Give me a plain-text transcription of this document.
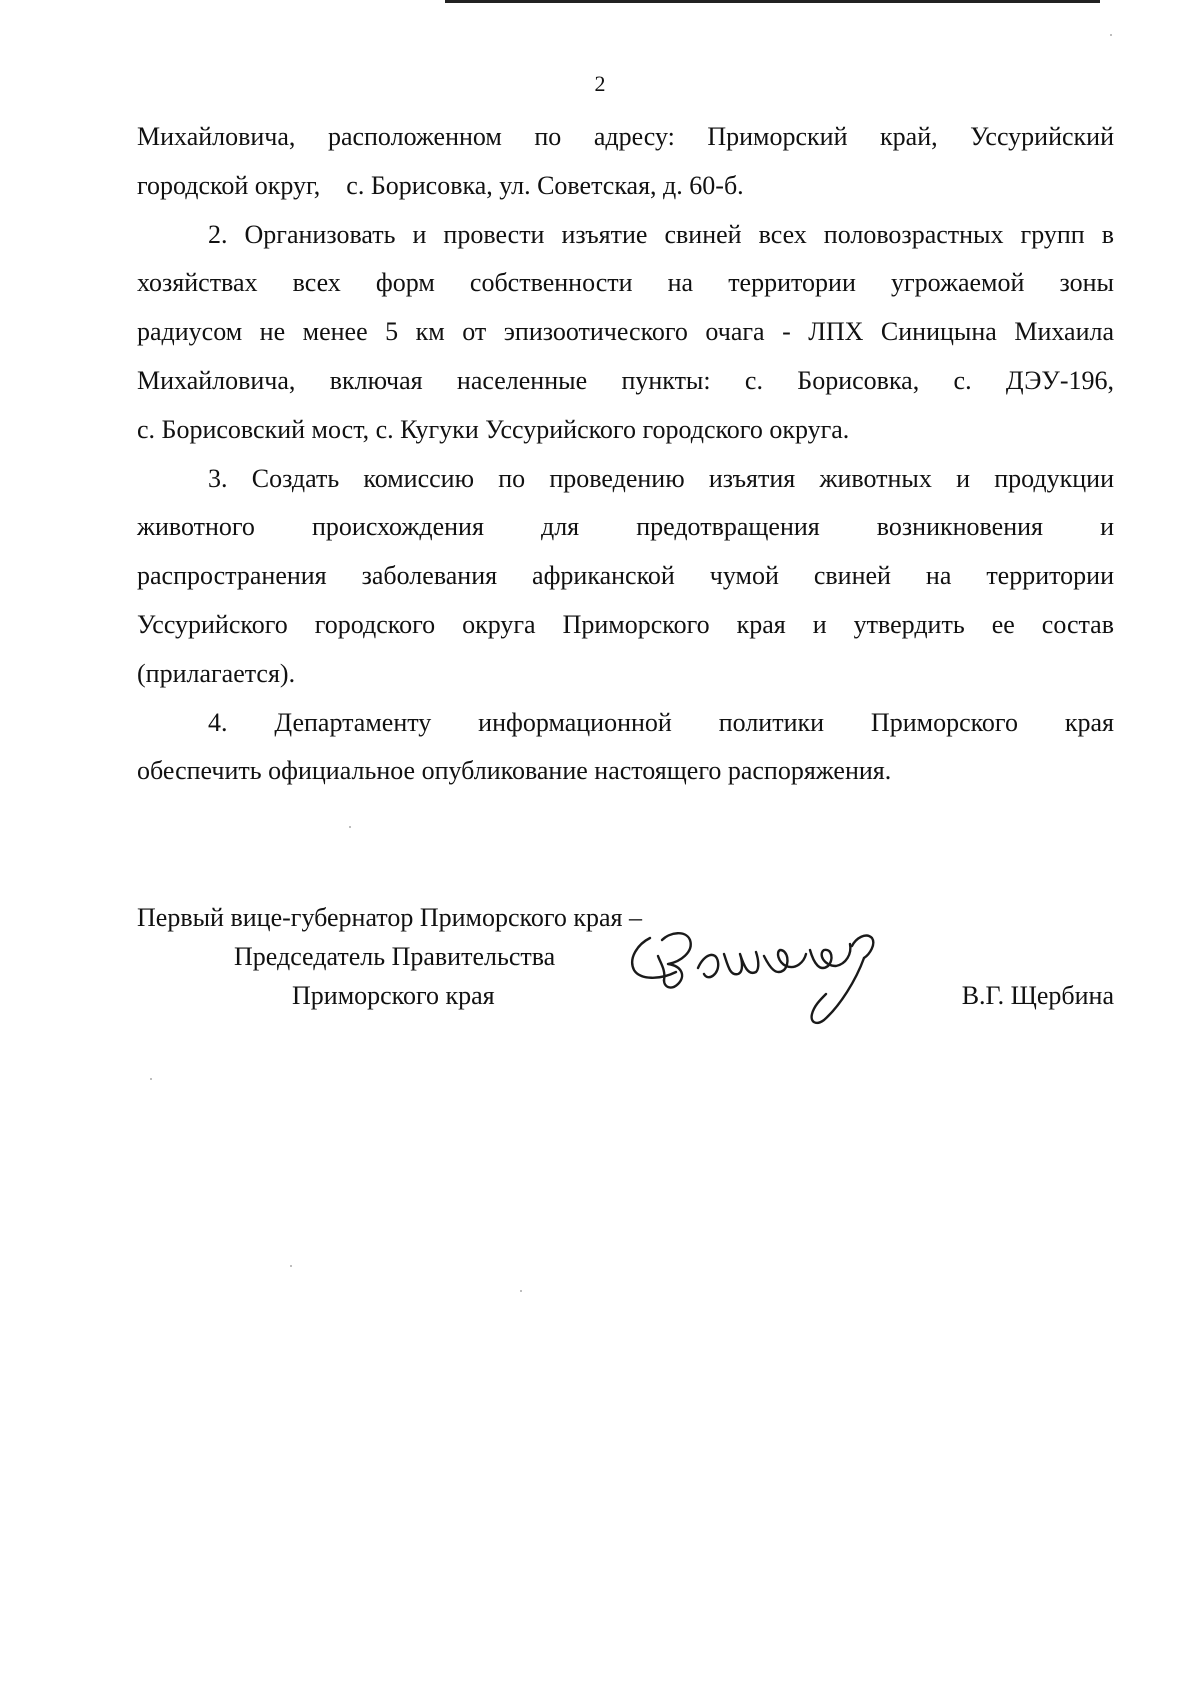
2

Михайловича, расположенном по адресу: Приморский край, Уссурийский
городской округ,    с. Борисовка, ул. Советская, д. 60-б.

2. Организовать и провести изъятие свиней всех половозрастных групп в
хозяйствах всех форм собственности на территории угрожаемой зоны
радиусом не менее 5 км от эпизоотического очага - ЛПХ Синицына Михаила
Михайловича, включая населенные пункты: с. Борисовка, с. ДЭУ-196,
с. Борисовский мост, с. Кугуки Уссурийского городского округа.

3. Создать комиссию по проведению изъятия животных и продукции
животного происхождения для предотвращения возникновения и
распространения заболевания африканской чумой свиней на территории
Уссурийского городского округа Приморского края и утвердить ее состав
(прилагается).

4. Департаменту информационной политики Приморского края
обеспечить официальное опубликование настоящего распоряжения.

Первый вице-губернатор Приморского края –
Председатель Правительства
Приморского края	В.Г. Щербина
